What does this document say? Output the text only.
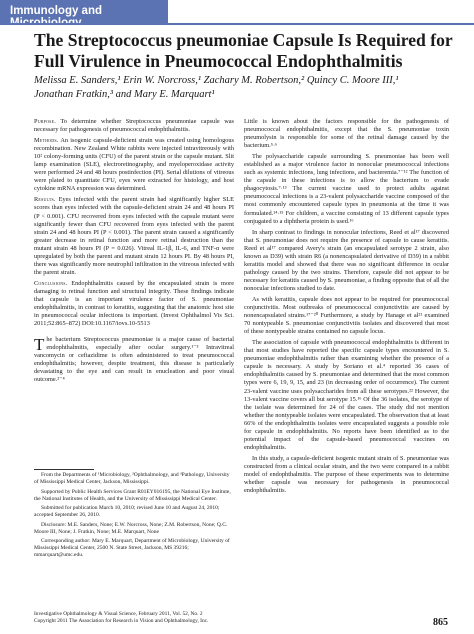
Immunology and
The Streptococcus pneumoniae Capsule Is Required for
Full Virulence in Pneumococcal Endophthalmitis
Melissa E. Sanders,¹ Erin W. Norcross,¹ Zachary M. Robertson,² Quincy C. Moore III,¹
Jonathan Fratkin,³ and Mary E. Marquart¹
Purpose. To determine whether Streptococcus pneumoniae capsule was necessary for pathogenesis of pneumococcal endophthalmitis.
Methods. An isogenic capsule-deficient strain was created using homologous recombination. New Zealand White rabbits were injected intravitreously with 10² colony-forming units (CFU) of the parent strain or the capsule mutant. Slit lamp examination (SLE), electroretinography, and myeloperoxidase activity were performed 24 and 48 hours postinfection (PI). Serial dilutions of vitreous were plated to quantitate CFU, eyes were extracted for histology, and host cytokine mRNA expression was determined.
Results. Eyes infected with the parent strain had significantly higher SLE scores than eyes infected with the capsule-deficient strain 24 and 48 hours PI (P < 0.001). CFU recovered from eyes infected with the capsule mutant were significantly fewer than CFU recovered from eyes infected with the parent strain 24 and 48 hours PI (P < 0.001). The parent strain caused a significantly greater decrease in retinal function and more retinal destruction than the mutant strain 48 hours PI (P = 0.026). Vitreal IL-1β, IL-6, and TNF-α were upregulated by both the parent and mutant strain 12 hours PI. By 48 hours PI, there was significantly more neutrophil infiltration in the vitreous infected with the parent strain.
Conclusions. Endophthalmitis caused by the encapsulated strain is more damaging to retinal function and structural integrity. These findings indicate that capsule is an important virulence factor of S. pneumoniae endophthalmitis, in contrast to keratitis, suggesting that the anatomic host site in pneumococcal ocular infections is important. (Invest Ophthalmol Vis Sci. 2011;52:865–872) DOI:10.1167/iovs.10-5513
The bacterium Streptococcus pneumoniae is a major cause of bacterial endophthalmitis, especially after ocular surgery.¹⁻³ Intravitreal vancomycin or ceftazidime is often administered to treat pneumococcal endophthalmitis; however, despite treatment, this disease is particularly devastating to the eye and can result in enucleation and poor visual outcome.²⁻⁴
From the Departments of ¹Microbiology, ²Ophthalmology, and ³Pathology, University of Mississippi Medical Center, Jackson, Mississippi.
Supported by Public Health Services Grant R01EY016195, the National Eye Institute, the National Institutes of Health, and the University of Mississippi Medical Center.
Submitted for publication March 10, 2010; revised June 10 and August 24, 2010; accepted September 26, 2010.
Disclosure: M.E. Sanders, None; E.W. Norcross, None; Z.M. Robertson, None; Q.C. Moore III, None; J. Fratkin, None; M.E. Marquart, None
Corresponding author: Mary E. Marquart, Department of Microbiology, University of Mississippi Medical Center, 2500 N. State Street, Jackson, MS 39216; mmarquart@umc.edu.
Little is known about the factors responsible for the pathogenesis of pneumococcal endophthalmitis, except that the S. pneumoniae toxin pneumolysin is responsible for some of the retinal damage caused by the bacterium.⁵·⁶
The polysaccharide capsule surrounding S. pneumoniae has been well established as a major virulence factor in nonocular pneumococcal infections such as systemic infections, lung infections, and bacteremia.⁷⁻¹² The function of the capsule in these infections is to allow the bacterium to evade phagocytosis.⁷·¹³ The current vaccine used to protect adults against pneumococcal infections is a 23-valent polysaccharide vaccine composed of the most commonly encountered capsule types in pneumonia at the time it was formulated.¹⁴·¹⁵ For children, a vaccine consisting of 13 different capsule types conjugated to a diphtheria protein is used.¹⁶
In sharp contrast to findings in nonocular infections, Reed et al¹⁷ discovered that S. pneumoniae does not require the presence of capsule to cause keratitis. Reed et al¹⁷ compared Avery's strain (an encapsulated serotype 2 strain, also known as D39) with strain R6 (a nonencapsulated derivative of D39) in a rabbit keratitis model and showed that there was no significant difference in ocular pathology caused by the two strains. Therefore, capsule did not appear to be necessary for keratitis caused by S. pneumoniae, a finding opposite that of all the nonocular infections studied to date.
As with keratitis, capsule does not appear to be required for pneumococcal conjunctivitis. Most outbreaks of pneumococcal conjunctivitis are caused by nonencapsulated strains.¹⁷⁻²⁰ Furthermore, a study by Hanage et al²¹ examined 70 nontypeable S. pneumoniae conjunctivitis isolates and discovered that most of these nontypeable strains contained no capsule locus.
The association of capsule with pneumococcal endophthalmitis is different in that most studies have reported the specific capsule types encountered in S. pneumoniae endophthalmitis rather than examining whether the presence of a capsule is necessary. A study by Soriano et al.⁴ reported 36 cases of endophthalmitis caused by S. pneumoniae and determined that the most common types were 6, 19, 9, 15, and 23 (in decreasing order of occurrence). The current 23-valent vaccine uses polysaccharides from all these serotypes.²² However, the 13-valent vaccine covers all but serotype 15.¹⁶ Of the 36 isolates, the serotype of the isolate was determined for 24 of the cases. The study did not mention whether the nontypeable isolates were encapsulated. The observation that at least 66% of the endophthalmitis isolates were encapsulated suggests a possible role for capsule in endophthalmitis. No reports have been identified as to the potential impact of the capsule-based pneumococcal vaccines on endophthalmitis.
In this study, a capsule-deficient isogenic mutant strain of S. pneumoniae was constructed from a clinical ocular strain, and the two were compared in a rabbit model of endophthalmitis. The purpose of these experiments was to determine whether capsule was necessary for pathogenesis in pneumococcal endophthalmitis.
Investigative Ophthalmology & Visual Science, February 2011, Vol. 52, No. 2
Copyright 2011 The Association for Research in Vision and Ophthalmology, Inc.	865
